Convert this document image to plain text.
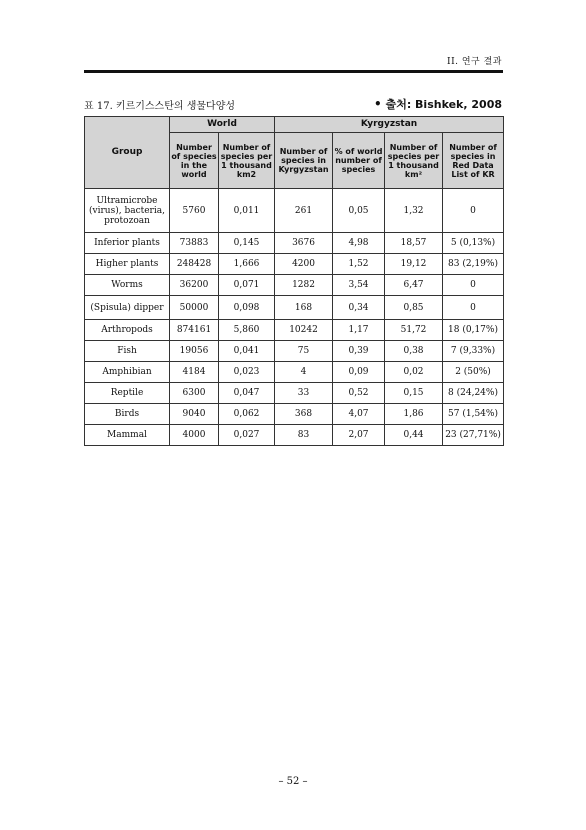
II. 연구 결과
표 17. 키르기스스탄의 생물다양성	• 출처: Bishkek, 2008
Group	World		Kyrgyzstan			
	Number of species in the world	Number of species per 1 thousand km2	Number of species in Kyrgyzstan	% of world number of species	Number of species per 1 thousand km²	Number of species in Red Data List of KR
Ultramicrobe (virus), bacteria, protozoan	5760	0,011	261	0,05	1,32	0
Inferior plants	73883	0,145	3676	4,98	18,57	5 (0,13%)
Higher plants	248428	1,666	4200	1,52	19,12	83 (2,19%)
Worms	36200	0,071	1282	3,54	6,47	0
(Spisula) dipper	50000	0,098	168	0,34	0,85	0
Arthropods	874161	5,860	10242	1,17	51,72	18 (0,17%)
Fish	19056	0,041	75	0,39	0,38	7 (9,33%)
Amphibian	4184	0,023	4	0,09	0,02	2 (50%)
Reptile	6300	0,047	33	0,52	0,15	8 (24,24%)
Birds	9040	0,062	368	4,07	1,86	57 (1,54%)
Mammal	4000	0,027	83	2,07	0,44	23 (27,71%)
– 52 –
